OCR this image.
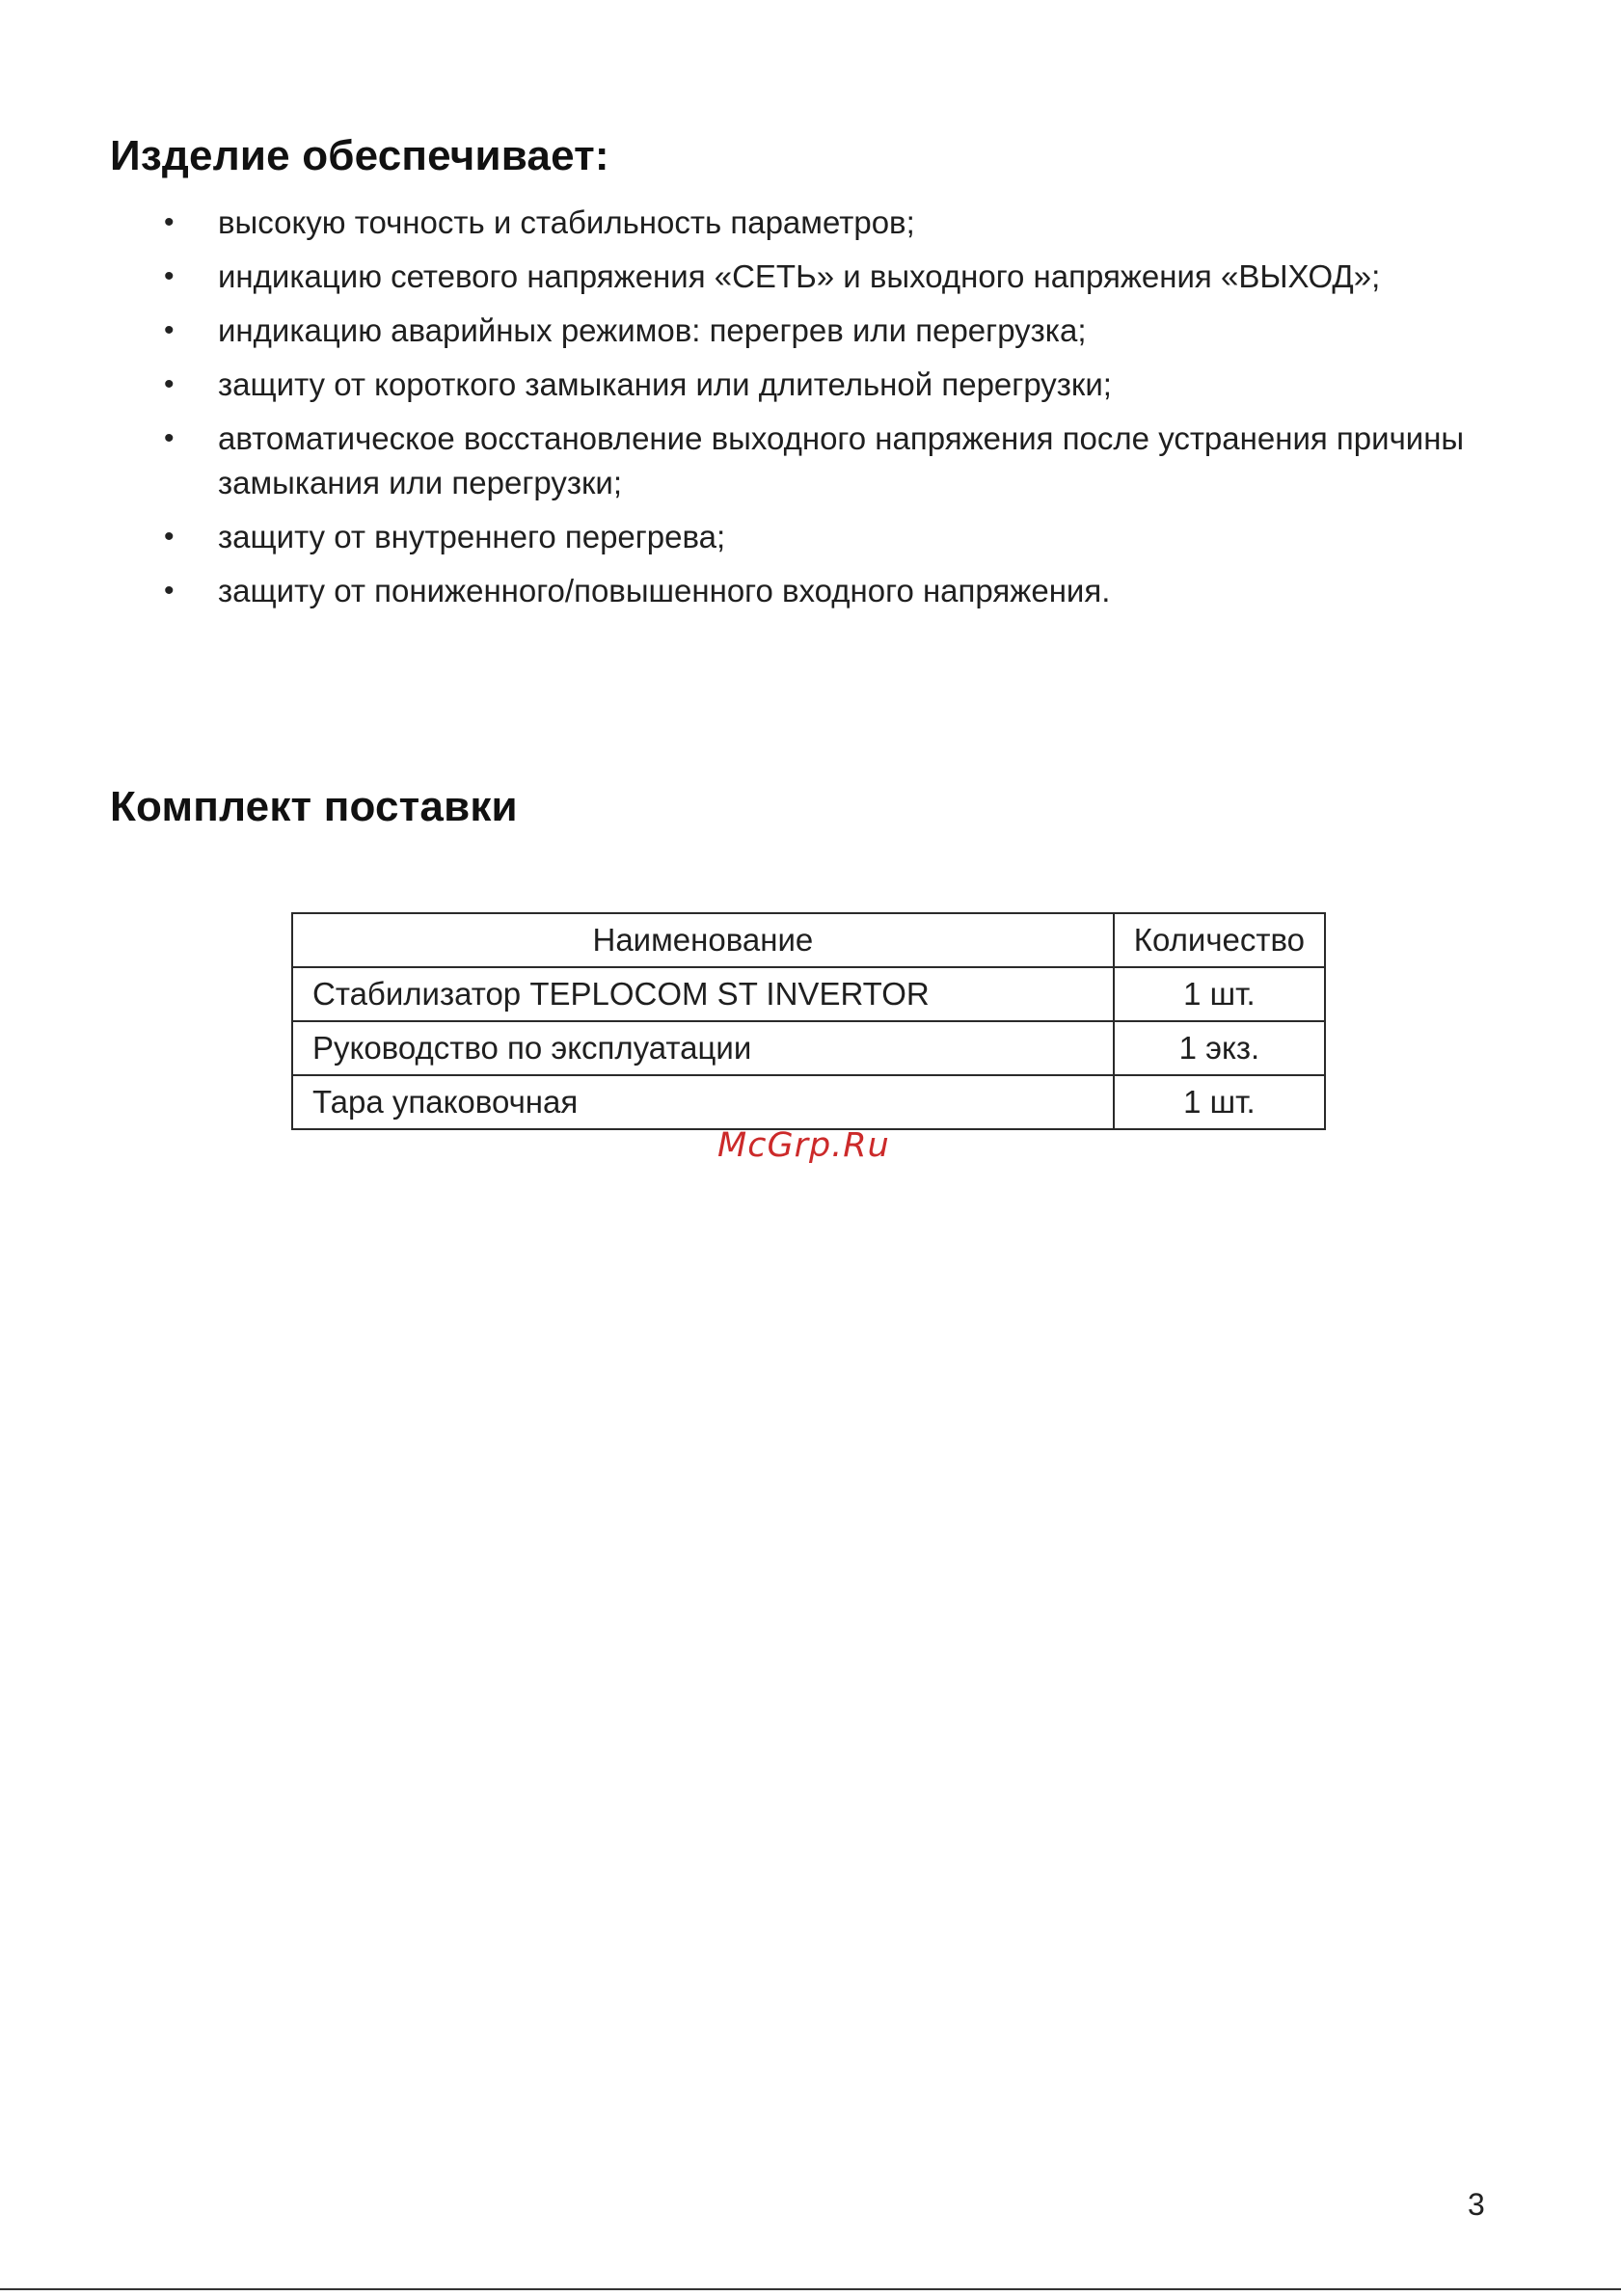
Изделие обеспечивает:
• высокую точность и стабильность параметров;
• индикацию сетевого напряжения «СЕТЬ» и выходного напряжения «ВЫХОД»;
• индикацию аварийных режимов: перегрев или перегрузка;
• защиту от короткого замыкания или длительной перегрузки;
• автоматическое восстановление выходного напряжения после устранения причины замыкания или перегрузки;
• защиту от внутреннего перегрева;
• защиту от пониженного/повышенного входного напряжения.
Комплект поставки
Наименование	Количество
Стабилизатор TEPLOCOM ST INVERTOR	1 шт.
Руководство по эксплуатации	1 экз.
Тара упаковочная	1 шт.
McGrp.Ru
3
